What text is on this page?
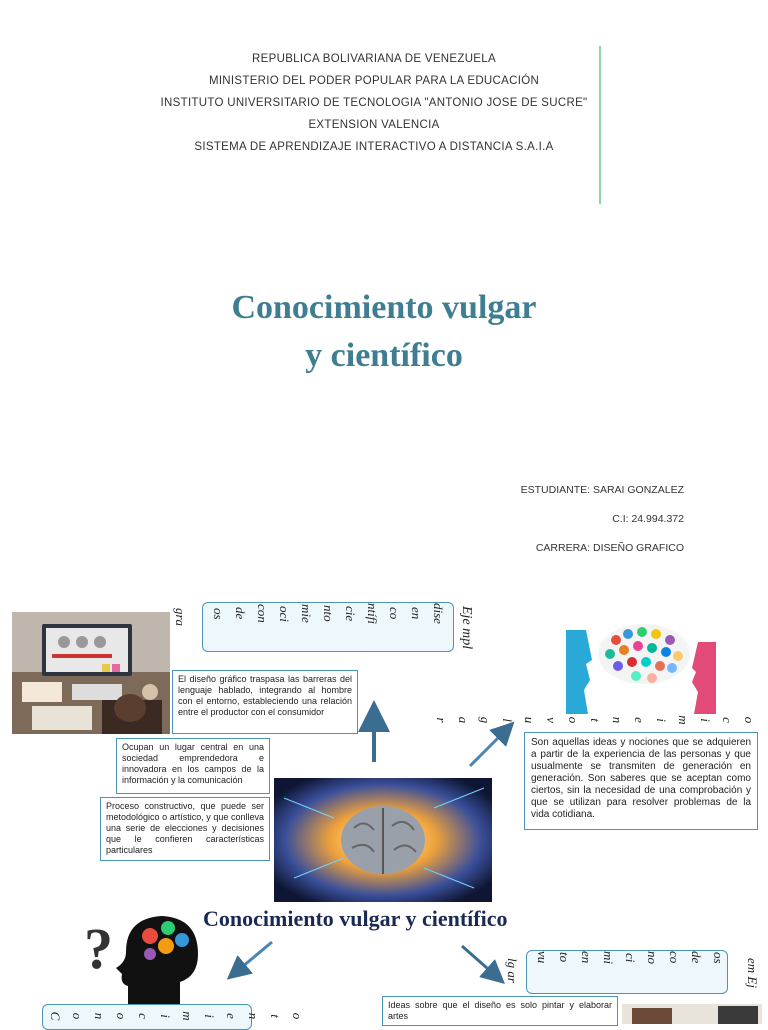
REPUBLICA BOLIVARIANA DE VENEZUELA
MINISTERIO DEL PODER POPULAR PARA LA EDUCACIÓN
INSTITUTO UNIVERSITARIO DE TECNOLOGIA "ANTONIO JOSE DE SUCRE"
EXTENSION VALENCIA
SISTEMA DE APRENDIZAJE INTERACTIVO A DISTANCIA S.A.I.A
Conocimiento vulgar
y científico
ESTUDIANTE: SARAI GONZALEZ
C.I: 24.994.372
CARRERA: DISEÑO GRAFICO
os de con oci mie nto cie ntífi co en dise Eje mpl
gra
r a g l u v o t n e i m i c o
El diseño gráfico traspasa las barreras del lenguaje hablado, integrando al hombre con el entorno, estableciendo una relación entre el productor con el consumidor
Ocupan un lugar central en una sociedad emprendedora e innovadora en los campos de la información y la comunicación
Proceso constructivo, que puede ser metodológico o artístico, y que conlleva una serie de elecciones y decisiones que le confieren características particulares
Son aquellas ideas y nociones que se adquieren a partir de la experiencia de las personas y que usualmente se transmiten de generación en generación. Son saberes que se aceptan como ciertos, sin la necesidad de una comprobación y que se utilizan para resolver problemas de la vida cotidiana.
?	Conocimiento vulgar y científico
vu to en mi ci no co de os
em Ej
lg ar
Ideas sobre que el diseño es solo pintar y elaborar artes
C o n o c i m i e n t o
